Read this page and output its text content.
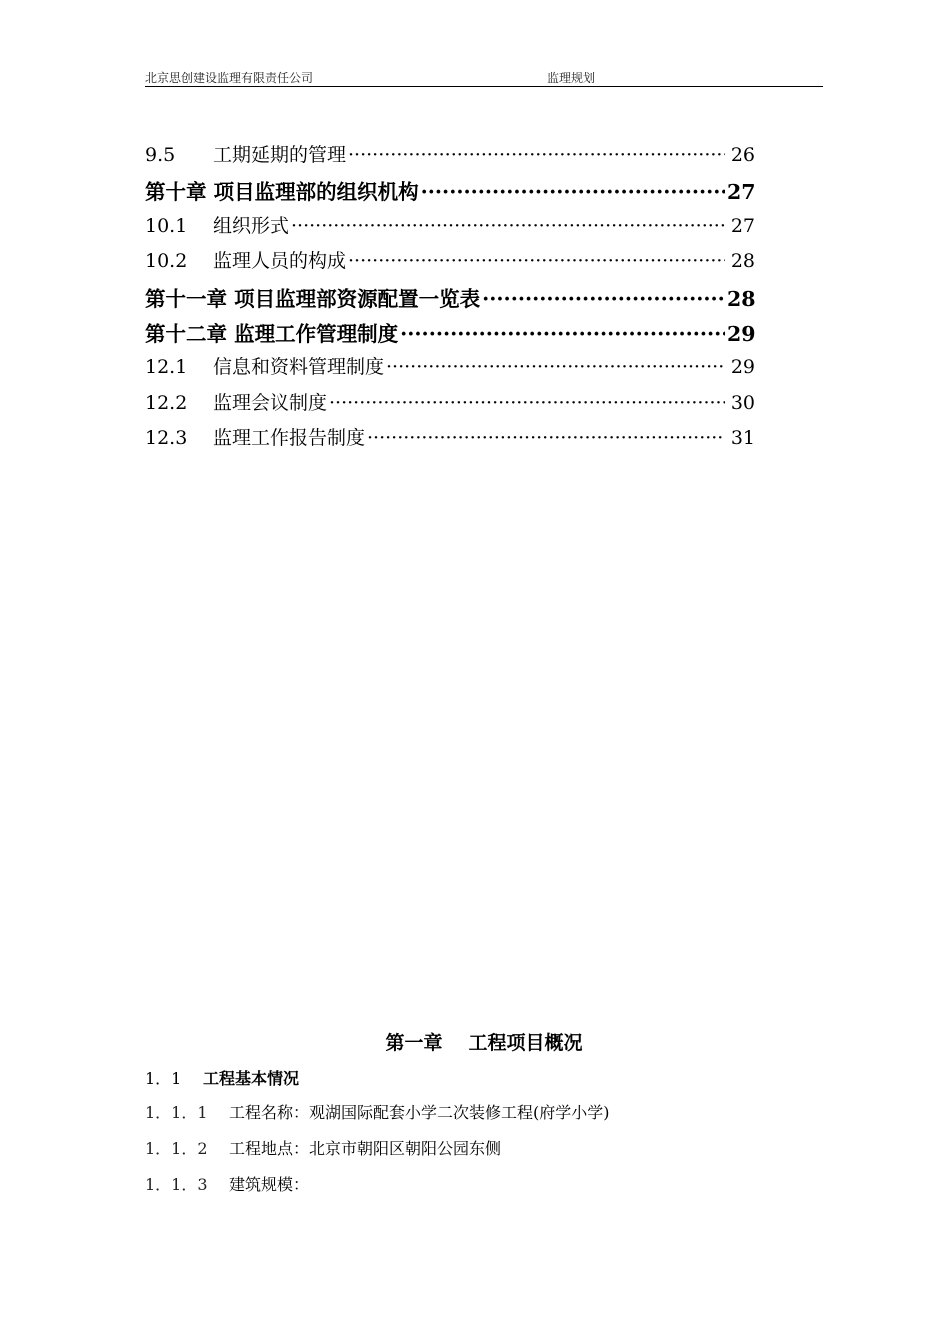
北京思创建设监理有限责任公司	监理规划
9.5	工期延期的管理 ·····	26
第十章 项目监理部的组织机构 ·····	27
10.1	组织形式 ·····	27
10.2	监理人员的构成 ·····	28
第十一章 项目监理部资源配置一览表 ·····	28
第十二章 监理工作管理制度 ·····	29
12.1	信息和资料管理制度 ·····	29
12.2	监理会议制度 ·····	30
12.3	监理工作报告制度 ·····	31
第一章 工程项目概况
1．1 工程基本情况
1．1．1 工程名称：观湖国际配套小学二次装修工程(府学小学)
1．1．2 工程地点：北京市朝阳区朝阳公园东侧
1．1．3 建筑规模：
